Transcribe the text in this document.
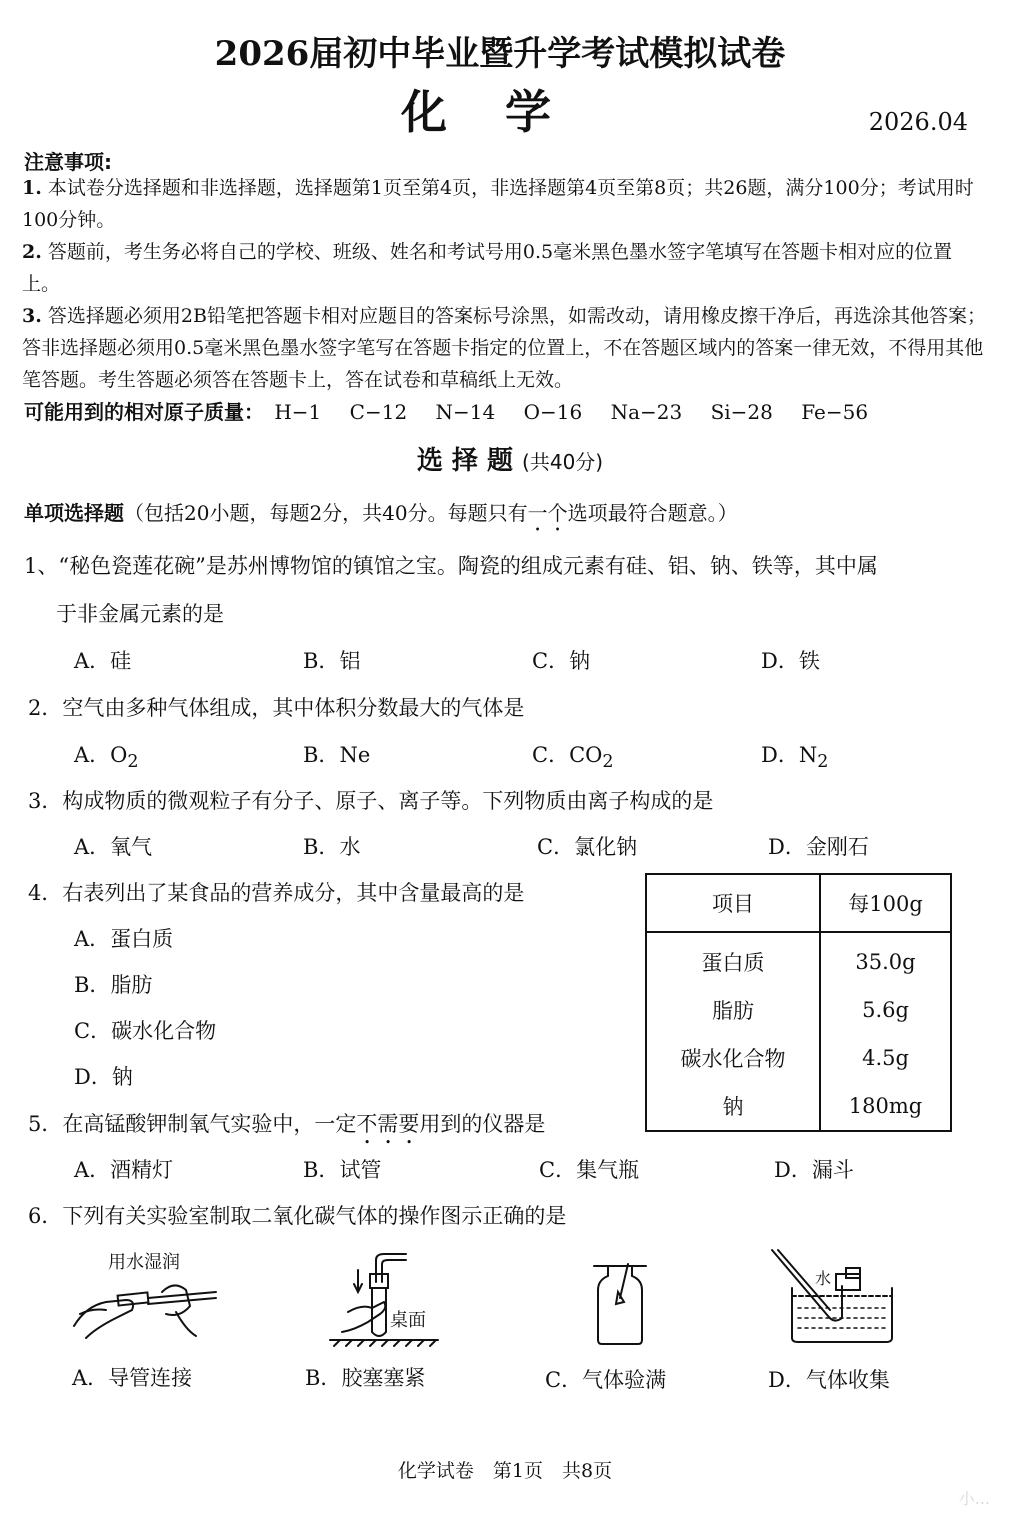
2026届初中毕业暨升学考试模拟试卷
化学	2026.04
注意事项:
1. 本试卷分选择题和非选择题，选择题第1页至第4页，非选择题第4页至第8页；共26题，满分100分；考试用时100分钟。
2. 答题前，考生务必将自己的学校、班级、姓名和考试号用0.5毫米黑色墨水签字笔填写在答题卡相对应的位置上。
3. 答选择题必须用2B铅笔把答题卡相对应题目的答案标号涂黑，如需改动，请用橡皮擦干净后，再选涂其他答案；答非选择题必须用0.5毫米黑色墨水签字笔写在答题卡指定的位置上，不在答题区域内的答案一律无效，不得用其他笔答题。考生答题必须答在答题卡上，答在试卷和草稿纸上无效。
可能用到的相对原子质量： H−1 C−12 N−14 O−16 Na−23 Si−28 Fe−56
选 择 题 (共40分)
单项选择题（包括20小题，每题2分，共40分。每题只有一个选项最符合题意。）
1、“秘色瓷莲花碗”是苏州博物馆的镇馆之宝。陶瓷的组成元素有硅、铝、钠、铁等，其中属
于非金属元素的是
A．硅	B．铝	C．钠	D．铁
2．空气由多种气体组成，其中体积分数最大的气体是
A．$O_2$	B．Ne	C．$CO_2$	D．$N_2$
3．构成物质的微观粒子有分子、原子、离子等。下列物质由离子构成的是
A．氧气	B．水	C．氯化钠	D．金刚石
4．右表列出了某食品的营养成分，其中含量最高的是
A．蛋白质
B．脂肪
C．碳水化合物
D．钠
项目	每100g
蛋白质	35.0g
脂肪	5.6g
碳水化合物	4.5g
钠	180mg
5．在高锰酸钾制氧气实验中，一定不需要用到的仪器是
A．酒精灯	B．试管	C．集气瓶	D．漏斗
6．下列有关实验室制取二氧化碳气体的操作图示正确的是
用水湿润
桌面
水
A．导管连接	B．胶塞塞紧	C．气体验满	D．气体收集
化学试卷　第1页　共8页
小...
